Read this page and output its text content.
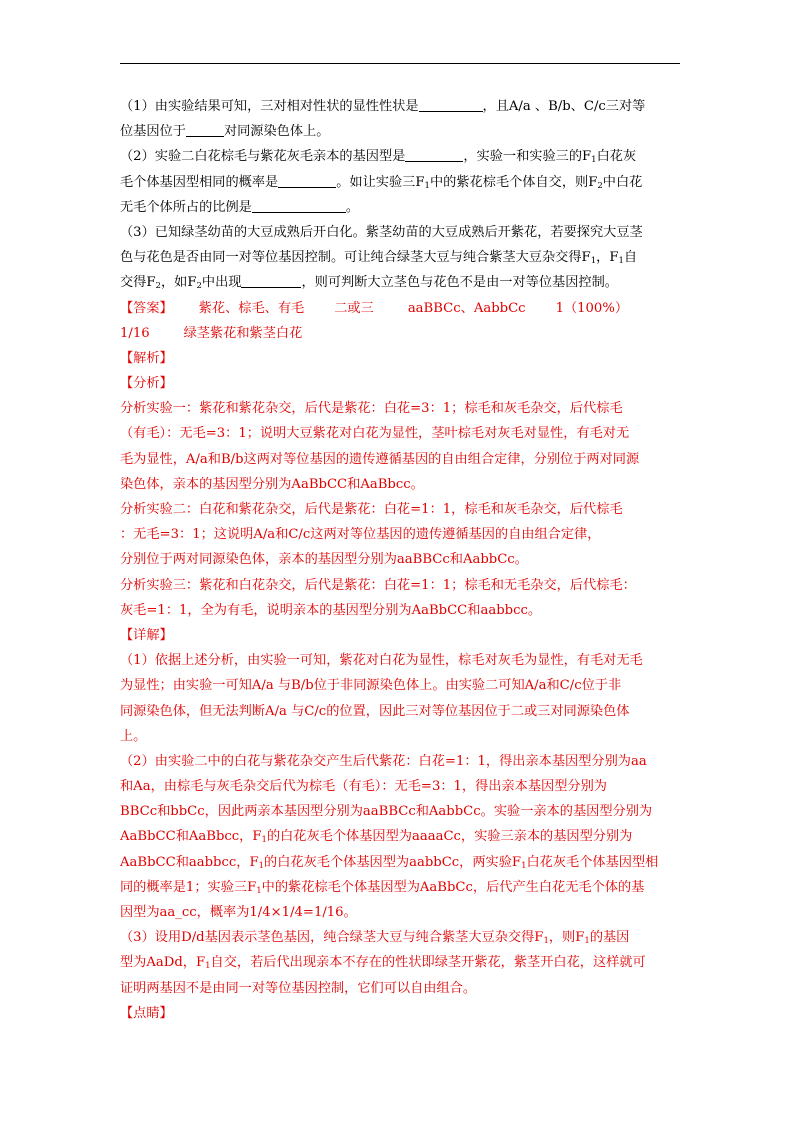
（1）由实验结果可知，三对相对性状的显性性状是	，且A/a 、B/b、C/c三对等
位基因位于	对同源染色体上。
（2）实验二白花棕毛与紫花灰毛亲本的基因型是	，实验一和实验三的$F_1$白花灰
毛个体基因型相同的概率是	。如让实验三$F_1$中的紫花棕毛个体自交，则$F_2$中白花
无毛个体所占的比例是	。
（3）已知绿茎幼苗的大豆成熟后开白化。紫茎幼苗的大豆成熟后开紫花，若要探究大豆茎
色与花色是否由同一对等位基因控制。可让纯合绿茎大豆与纯合紫茎大豆杂交得$F_1$，$F_1$自
交得$F_2$，如$F_2$中出现	，则可判断大立茎色与花色不是由一对等位基因控制。
【答案】 紫花、棕毛、有毛 二或三	aaBBCc、AabbCc 1（100%）
1/16	绿茎紫花和紫茎白花
【解析】
【分析】
分析实验一：紫花和紫花杂交，后代是紫花：白花=3：1；棕毛和灰毛杂交，后代棕毛
（有毛）：无毛=3：1；说明大豆紫花对白花为显性，茎叶棕毛对灰毛对显性，有毛对无
毛为显性，A/a和B/b这两对等位基因的遗传遵循基因的自由组合定律，分别位于两对同源
染色体，亲本的基因型分别为AaBbCC和AaBbcc。
分析实验二：白花和紫花杂交，后代是紫花：白花=1：1，棕毛和灰毛杂交，后代棕毛
：无毛=3：1；这说明A/a和C/c这两对等位基因的遗传遵循基因的自由组合定律，
分别位于两对同源染色体，亲本的基因型分别为aaBBCc和AabbCc。
分析实验三：紫花和白花杂交，后代是紫花：白花=1：1；棕毛和无毛杂交，后代棕毛：
灰毛=1：1，全为有毛，说明亲本的基因型分别为AaBbCC和aabbcc。
【详解】
（1）依据上述分析，由实验一可知，紫花对白花为显性，棕毛对灰毛为显性，有毛对无毛
为显性；由实验一可知A/a 与B/b位于非同源染色体上。由实验二可知A/a和C/c位于非
同源染色体，但无法判断A/a 与C/c的位置，因此三对等位基因位于二或三对同源染色体
上。
（2）由实验二中的白花与紫花杂交产生后代紫花：白花=1：1，得出亲本基因型分别为aa
和Aa，由棕毛与灰毛杂交后代为棕毛（有毛）：无毛=3：1，得出亲本基因型分别为
BBCc和bbCc，因此两亲本基因型分别为aaBBCc和AabbCc。实验一亲本的基因型分别为
AaBbCC和AaBbcc，$F_1$的白花灰毛个体基因型为aaaaCc，实验三亲本的基因型分别为
AaBbCC和aabbcc，$F_1$的白花灰毛个体基因型为aabbCc，两实验$F_1$白花灰毛个体基因型相
同的概率是1；实验三$F_1$中的紫花棕毛个体基因型为AaBbCc，后代产生白花无毛个体的基
因型为aa_cc，概率为1/4×1/4=1/16。
（3）设用D/d基因表示茎色基因，纯合绿茎大豆与纯合紫茎大豆杂交得$F_1$，则$F_1$的基因
型为AaDd，$F_1$自交，若后代出现亲本不存在的性状即绿茎开紫花，紫茎开白花，这样就可
证明两基因不是由同一对等位基因控制，它们可以自由组合。
【点睛】
